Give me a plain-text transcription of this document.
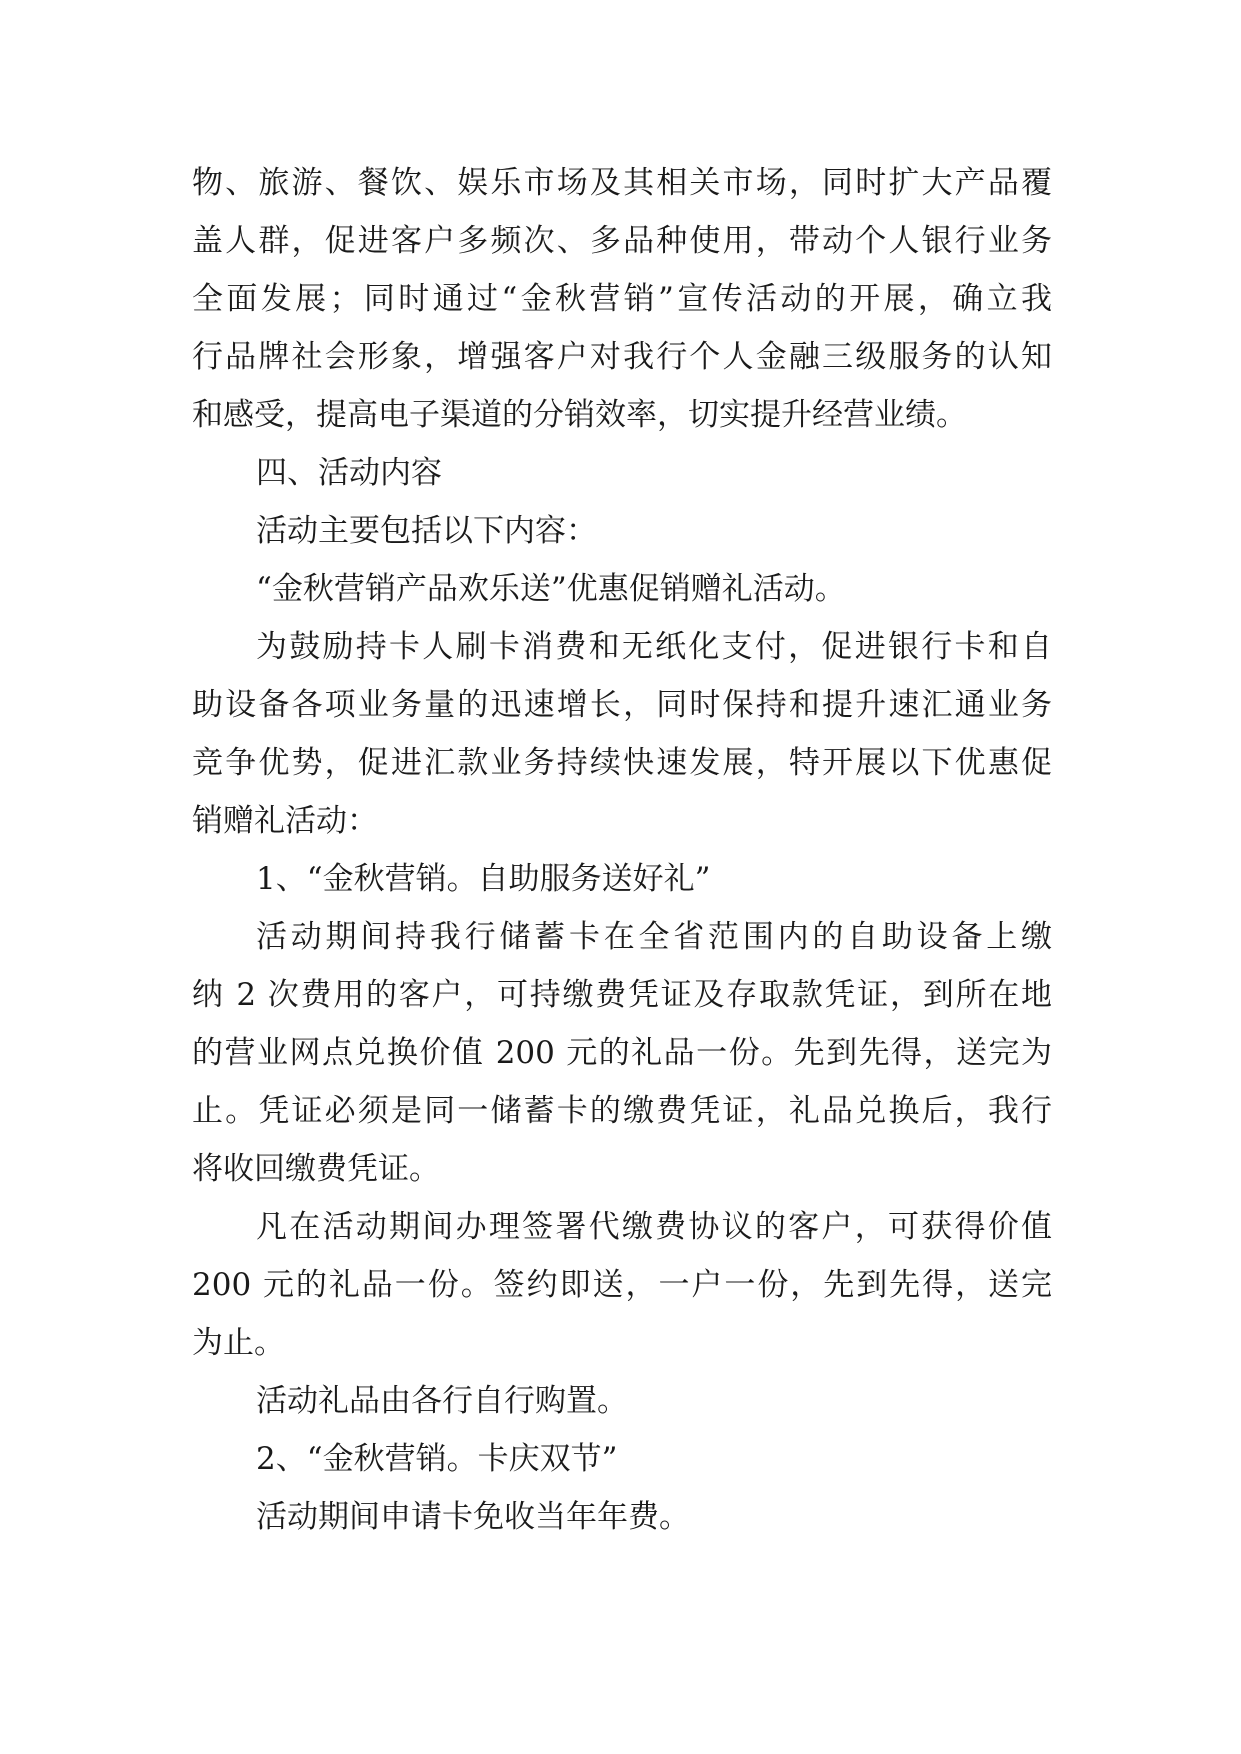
物、旅游、餐饮、娱乐市场及其相关市场，同时扩大产品覆
盖人群，促进客户多频次、多品种使用，带动个人银行业务
全面发展；同时通过“金秋营销”宣传活动的开展，确立我
行品牌社会形象，增强客户对我行个人金融三级服务的认知
和感受，提高电子渠道的分销效率，切实提升经营业绩。
四、活动内容
活动主要包括以下内容：
“金秋营销产品欢乐送”优惠促销赠礼活动。
为鼓励持卡人刷卡消费和无纸化支付，促进银行卡和自
助设备各项业务量的迅速增长，同时保持和提升速汇通业务
竞争优势，促进汇款业务持续快速发展，特开展以下优惠促
销赠礼活动：
1、“金秋营销。自助服务送好礼”
活动期间持我行储蓄卡在全省范围内的自助设备上缴
纳 2 次费用的客户，可持缴费凭证及存取款凭证，到所在地
的营业网点兑换价值 200 元的礼品一份。先到先得，送完为
止。凭证必须是同一储蓄卡的缴费凭证，礼品兑换后，我行
将收回缴费凭证。
凡在活动期间办理签署代缴费协议的客户，可获得价值
200 元的礼品一份。签约即送，一户一份，先到先得，送完
为止。
活动礼品由各行自行购置。
2、“金秋营销。卡庆双节”
活动期间申请卡免收当年年费。
